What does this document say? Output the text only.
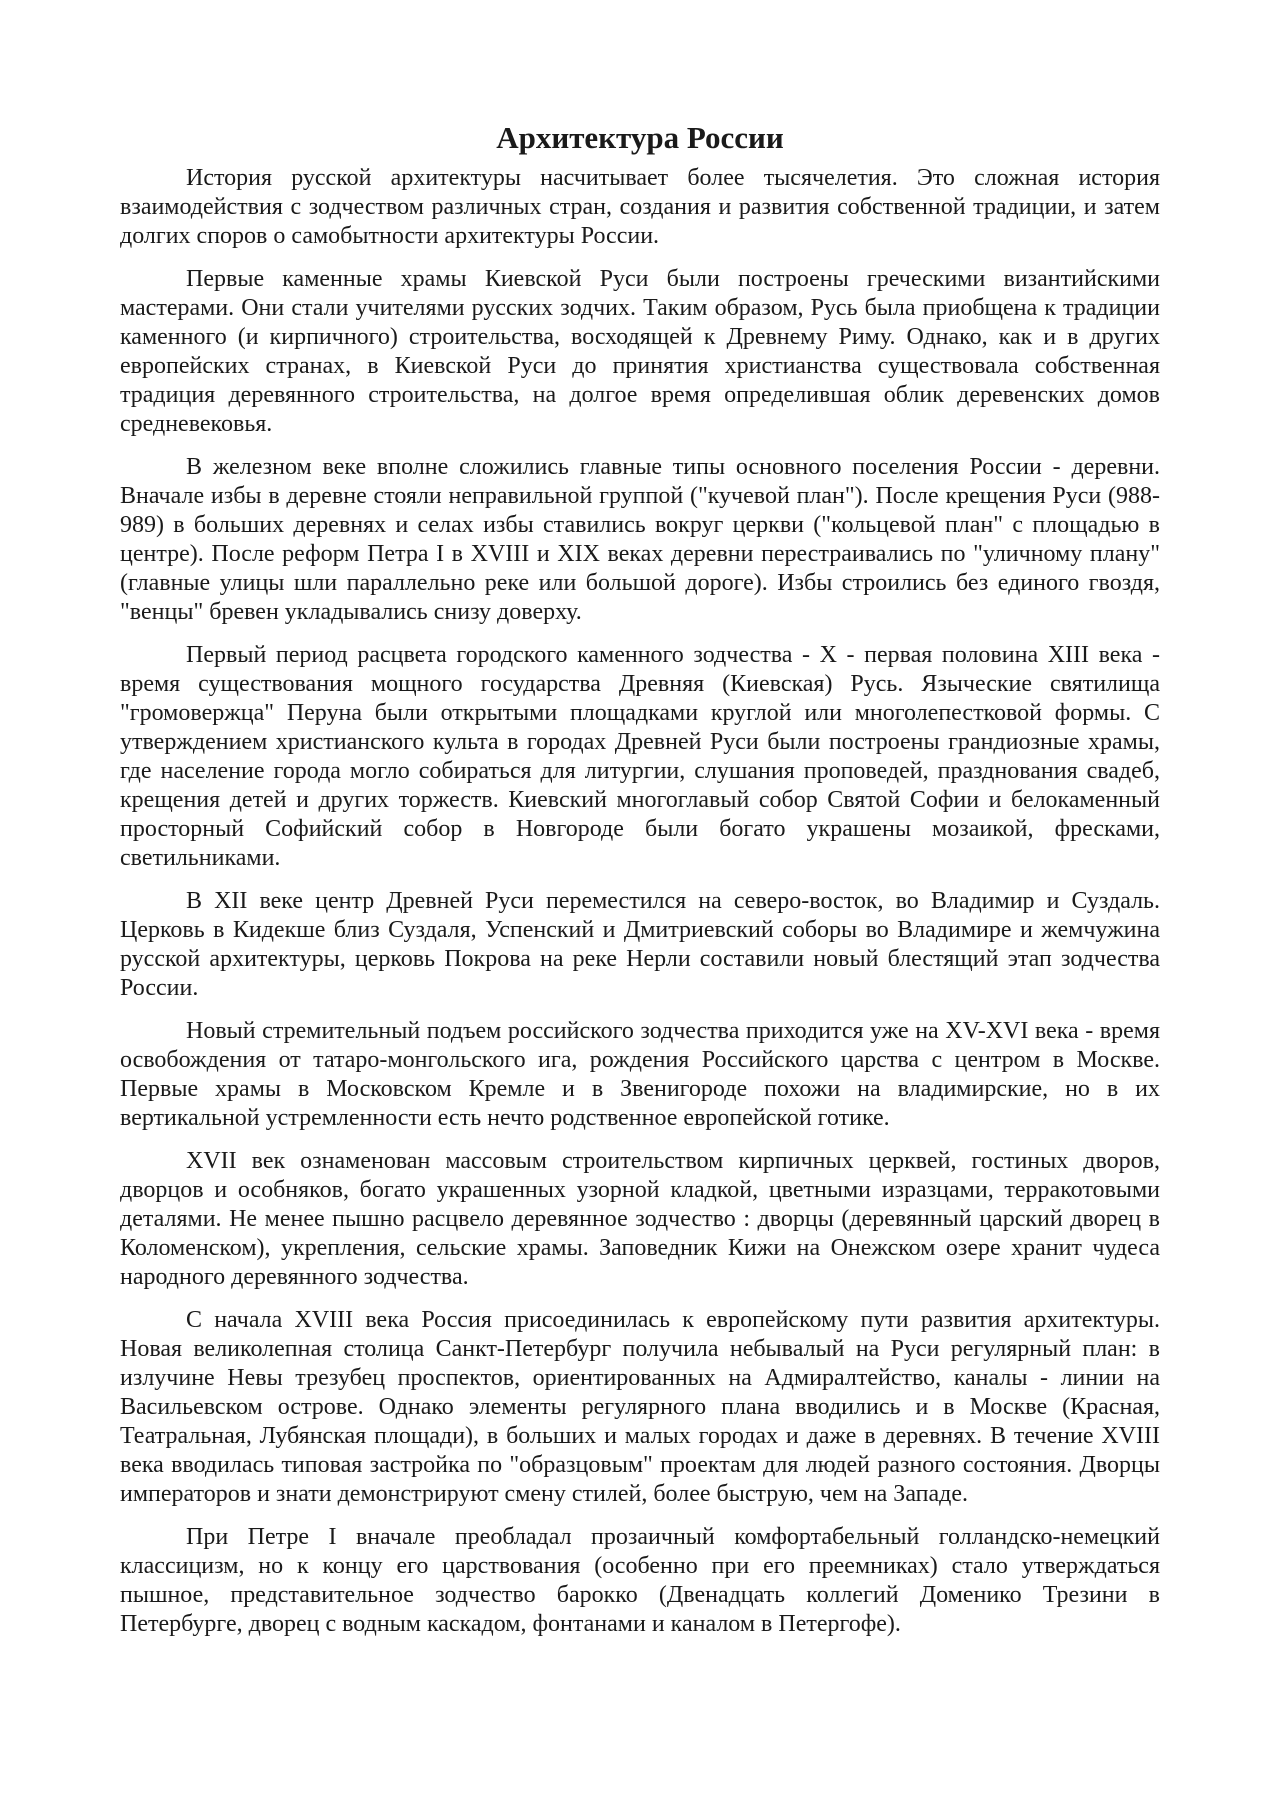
Архитектура России

История русской архитектуры насчитывает более тысячелетия. Это сложная история взаимодействия с зодчеством различных стран, создания и развития собственной традиции, и затем долгих споров о самобытности архитектуры России.

Первые каменные храмы Киевской Руси были построены греческими византийскими мастерами. Они стали учителями русских зодчих. Таким образом, Русь была приобщена к традиции каменного (и кирпичного) строительства, восходящей к Древнему Риму. Однако, как и в других европейских странах, в Киевской Руси до принятия христианства существовала собственная традиция деревянного строительства, на долгое время определившая облик деревенских домов средневековья.

В железном веке вполне сложились главные типы основного поселения России - деревни. Вначале избы в деревне стояли неправильной группой ("кучевой план"). После крещения Руси (988-989) в больших деревнях и селах избы ставились вокруг церкви ("кольцевой план" с площадью в центре). После реформ Петра I в XVIII и XIX веках деревни перестраивались по "уличному плану" (главные улицы шли параллельно реке или большой дороге). Избы строились без единого гвоздя, "венцы" бревен укладывались снизу доверху.

Первый период расцвета городского каменного зодчества - X - первая половина XIII века - время существования мощного государства Древняя (Киевская) Русь. Языческие святилища "громовержца" Перуна были открытыми площадками круглой или многолепестковой формы. С утверждением христианского культа в городах Древней Руси были построены грандиозные храмы, где население города могло собираться для литургии, слушания проповедей, празднования свадеб, крещения детей и других торжеств. Киевский многоглавый собор Святой Софии и белокаменный просторный Софийский собор в Новгороде были богато украшены мозаикой, фресками, светильниками.

В XII веке центр Древней Руси переместился на северо-восток, во Владимир и Суздаль. Церковь в Кидекше близ Суздаля, Успенский и Дмитриевский соборы во Владимире и жемчужина русской архитектуры, церковь Покрова на реке Нерли составили новый блестящий этап зодчества России.

Новый стремительный подъем российского зодчества приходится уже на XV-XVI века - время освобождения от татаро-монгольского ига, рождения Российского царства с центром в Москве. Первые храмы в Московском Кремле и в Звенигороде похожи на владимирские, но в их вертикальной устремленности есть нечто родственное европейской готике.

XVII век ознаменован массовым строительством кирпичных церквей, гостиных дворов, дворцов и особняков, богато украшенных узорной кладкой, цветными изразцами, терракотовыми деталями. Не менее пышно расцвело деревянное зодчество : дворцы (деревянный царский дворец в Коломенском), укрепления, сельские храмы. Заповедник Кижи на Онежском озере хранит чудеса народного деревянного зодчества.

С начала XVIII века Россия присоединилась к европейскому пути развития архитектуры. Новая великолепная столица Санкт-Петербург получила небывалый на Руси регулярный план: в излучине Невы трезубец проспектов, ориентированных на Адмиралтейство, каналы - линии на Васильевском острове. Однако элементы регулярного плана вводились и в Москве (Красная, Театральная, Лубянская площади), в больших и малых городах и даже в деревнях. В течение XVIII века вводилась типовая застройка по "образцовым" проектам для людей разного состояния. Дворцы императоров и знати демонстрируют смену стилей, более быструю, чем на Западе.

При Петре I вначале преобладал прозаичный комфортабельный голландско-немецкий классицизм, но к концу его царствования (особенно при его преемниках) стало утверждаться пышное, представительное зодчество барокко (Двенадцать коллегий Доменико Трезини в Петербурге, дворец с водным каскадом, фонтанами и каналом в Петергофе).
